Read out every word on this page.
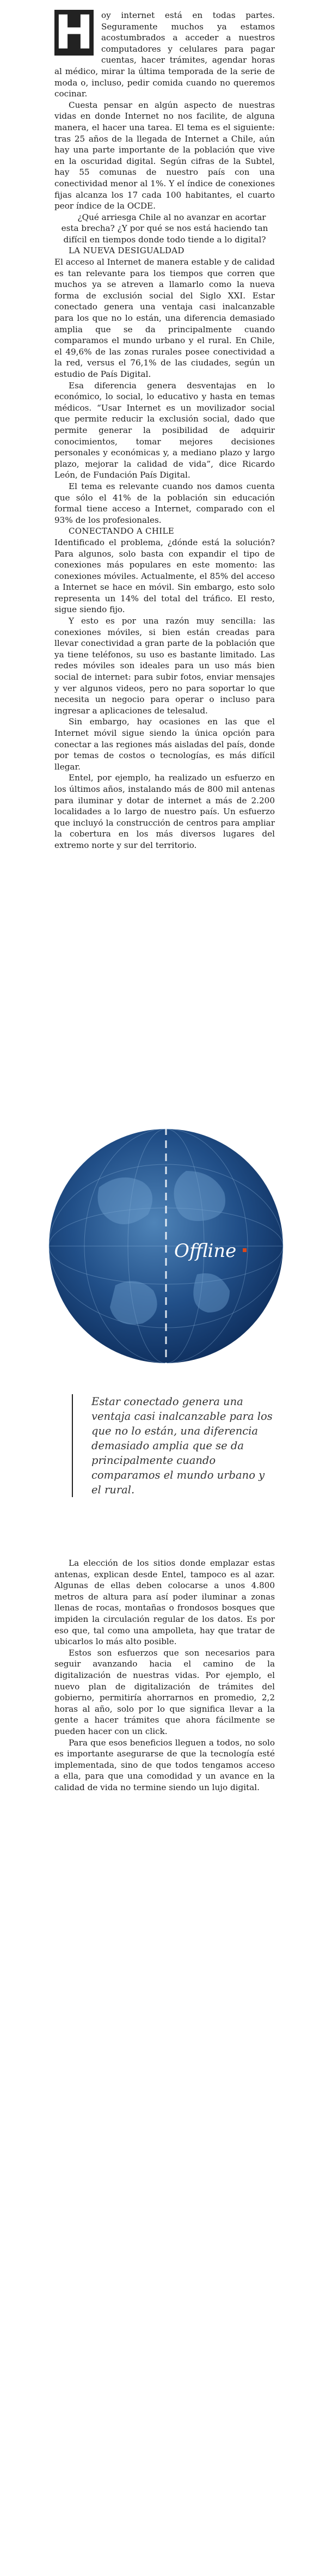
H oy internet está en todas partes. Seguramente muchos ya estamos acostumbrados a acceder a nuestros computadores y celulares para pagar cuentas, hacer trámites, agendar horas al médico, mirar la última temporada de la serie de moda o, incluso, pedir comida cuando no queremos cocinar.

Cuesta pensar en algún aspecto de nuestras vidas en donde Internet no nos facilite, de alguna manera, el hacer una tarea. El tema es el siguiente: tras 25 años de la llegada de Internet a Chile, aún hay una parte importante de la población que vive en la oscuridad digital. Según cifras de la Subtel, hay 55 comunas de nuestro país con una conectividad menor al 1%. Y el índice de conexiones fijas alcanza los 17 cada 100 habitantes, el cuarto peor índice de la OCDE.

¿Qué arriesga Chile al no avanzar en acortar esta brecha? ¿Y por qué se nos está haciendo tan difícil en tiempos donde todo tiende a lo digital?

LA NUEVA DESIGUALDAD

El acceso al Internet de manera estable y de calidad es tan relevante para los tiempos que corren que muchos ya se atreven a llamarlo como la nueva forma de exclusión social del Siglo XXI. Estar conectado genera una ventaja casi inalcanzable para los que no lo están, una diferencia demasiado amplia que se da principalmente cuando comparamos el mundo urbano y el rural. En Chile, el 49,6% de las zonas rurales posee conectividad a la red, versus el 76,1% de las ciudades, según un estudio de País Digital.

Esa diferencia genera desventajas en lo económico, lo social, lo educativo y hasta en temas médicos. “Usar Internet es un movilizador social que permite reducir la exclusión social, dado que permite generar la posibilidad de adquirir conocimientos, tomar mejores decisiones personales y económicas y, a mediano plazo y largo plazo, mejorar la calidad de vida”, dice Ricardo León, de Fundación País Digital.

El tema es relevante cuando nos damos cuenta que sólo el 41% de la población sin educación formal tiene acceso a Internet, comparado con el 93% de los profesionales.

CONECTANDO A CHILE

Identificado el problema, ¿dónde está la solución? Para algunos, solo basta con expandir el tipo de conexiones más populares en este momento: las conexiones móviles. Actualmente, el 85% del acceso a Internet se hace en móvil. Sin embargo, esto solo representa un 14% del total del tráfico. El resto, sigue siendo fijo.

Y esto es por una razón muy sencilla: las conexiones móviles, si bien están creadas para llevar conectividad a gran parte de la población que ya tiene teléfonos, su uso es bastante limitado. Las redes móviles son ideales para un uso más bien social de internet: para subir fotos, enviar mensajes y ver algunos videos, pero no para soportar lo que necesita un negocio para operar o incluso para ingresar a aplicaciones de telesalud.

Sin embargo, hay ocasiones en las que el Internet móvil sigue siendo la única opción para conectar a las regiones más aisladas del país, donde por temas de costos o tecnologías, es más difícil llegar.

Entel, por ejemplo, ha realizado un esfuerzo en los últimos años, instalando más de 800 mil antenas para iluminar y dotar de internet a más de 2.200 localidades a lo largo de nuestro país. Un esfuerzo que incluyó la construcción de centros para ampliar la cobertura en los más diversos lugares del extremo norte y sur del territorio.

Offline

Estar conectado genera una ventaja casi inalcanzable para los que no lo están, una diferencia demasiado amplia que se da principalmente cuando comparamos el mundo urbano y el rural.

La elección de los sitios donde emplazar estas antenas, explican desde Entel, tampoco es al azar. Algunas de ellas deben colocarse a unos 4.800 metros de altura para así poder iluminar a zonas llenas de rocas, montañas o frondosos bosques que impiden la circulación regular de los datos. Es por eso que, tal como una ampolleta, hay que tratar de ubicarlos lo más alto posible.

Estos son esfuerzos que son necesarios para seguir avanzando hacia el camino de la digitalización de nuestras vidas. Por ejemplo, el nuevo plan de digitalización de trámites del gobierno, permitiría ahorrarnos en promedio, 2,2 horas al año, solo por lo que significa llevar a la gente a hacer trámites que ahora fácilmente se pueden hacer con un click.

Para que esos beneficios lleguen a todos, no solo es importante asegurarse de que la tecnología esté implementada, sino de que todos tengamos acceso a ella, para que una comodidad y un avance en la calidad de vida no termine siendo un lujo digital.
